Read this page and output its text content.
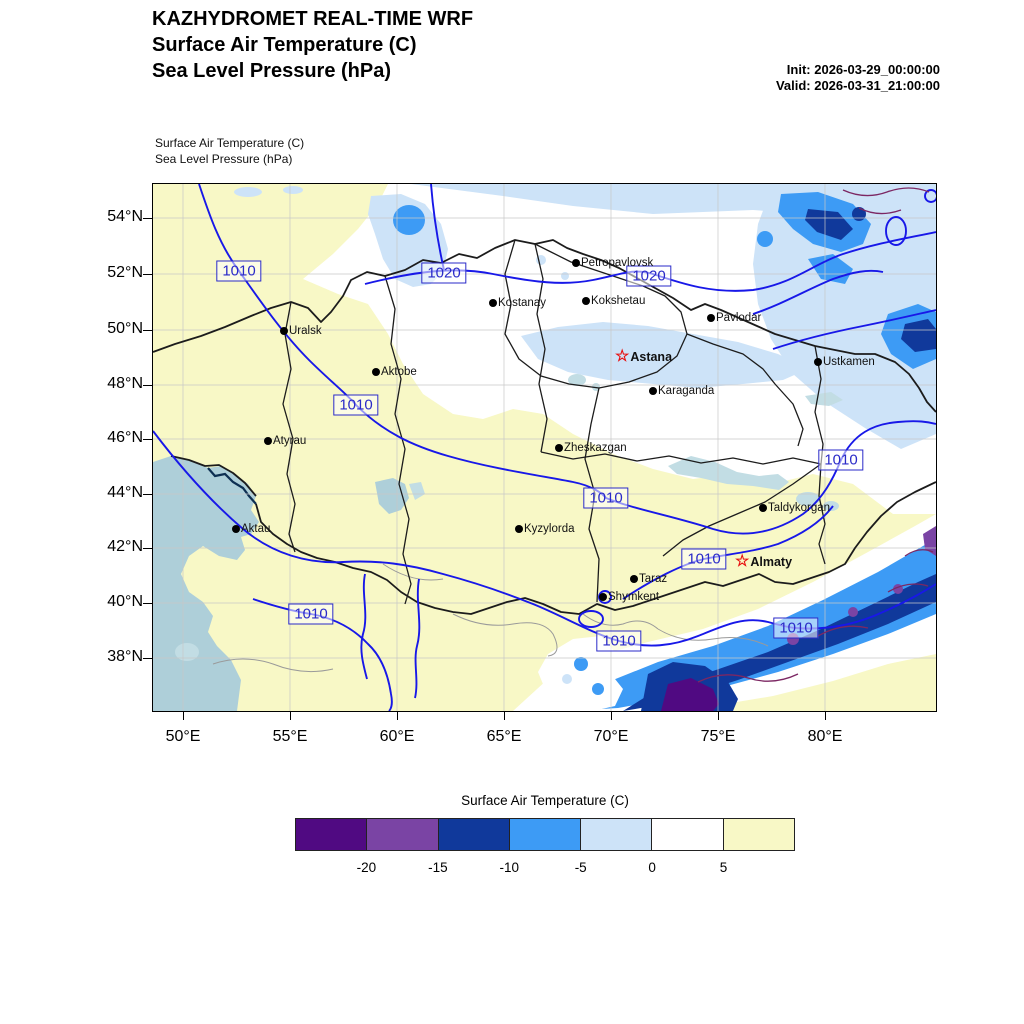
KAZHYDROMET REAL-TIME WRF
Surface Air Temperature (C)
Sea Level Pressure (hPa)	Init: 2026-03-29_00:00:00
Valid: 2026-03-31_21:00:00
Surface Air Temperature (C)
Sea Level Pressure (hPa)
1010	1020	1020
1010
1010
1010
1010
1010
1010
1010
Petropavlovsk
Kostanay	Kokshetau
Pavlodar
Uralsk
☆Astana	Ustkamen
Aktobe
Karaganda
Atyrau
Zheskazgan
Taldykorgan
Kyzylorda
Aktau
☆Almaty
Taraz
Shymkent
54°N
52°N
50°N
48°N
46°N
44°N
42°N
40°N
38°N
50°E	55°E	60°E	65°E	70°E	75°E	80°E
Surface Air Temperature (C)
-20	-15	-10	-5	0	5
